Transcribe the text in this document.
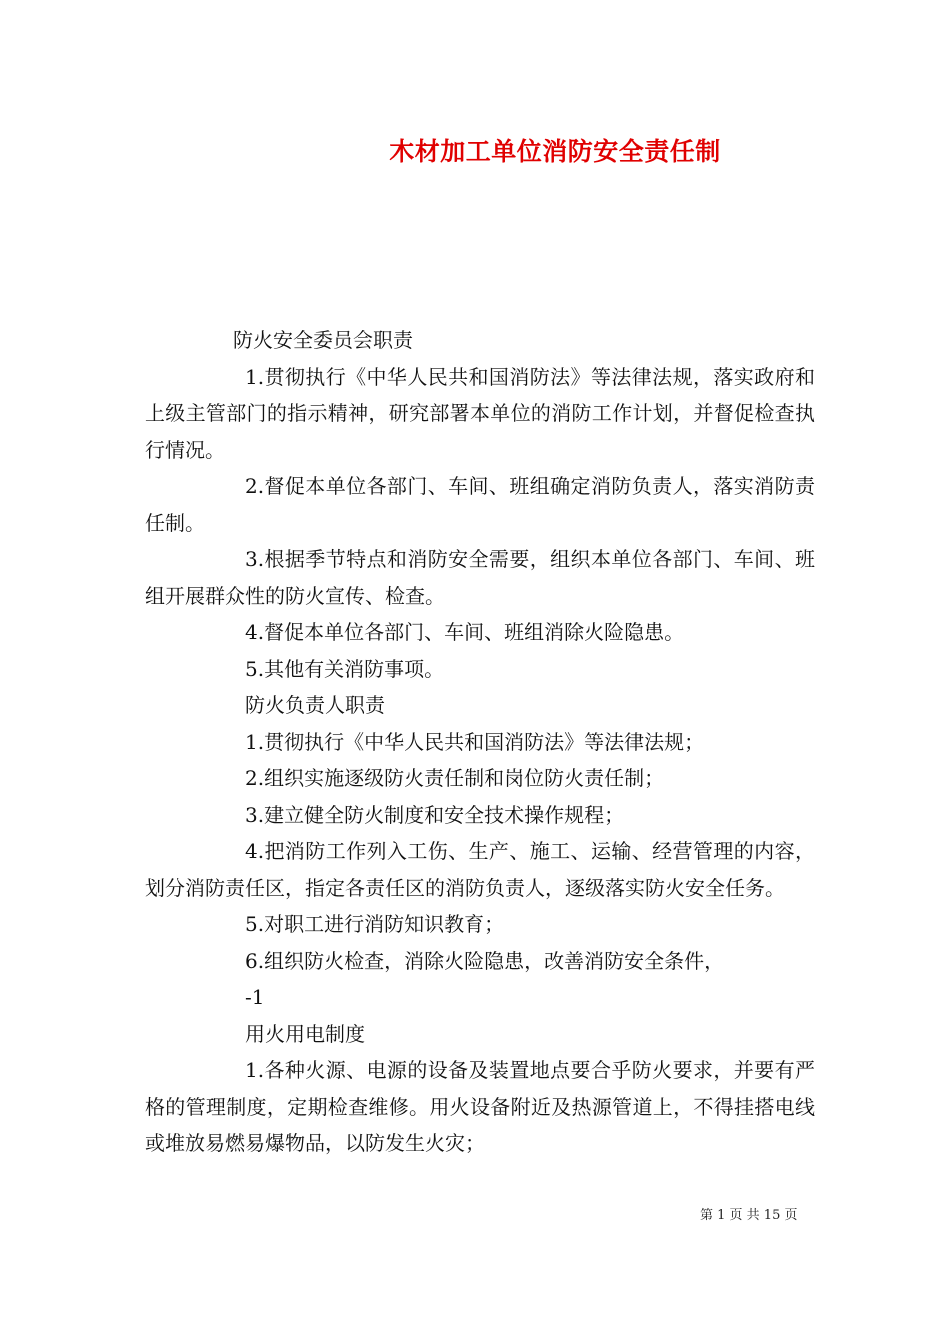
木材加工单位消防安全责任制

防火安全委员会职责

1.贯彻执行《中华人民共和国消防法》等法律法规，落实政府和上级主管部门的指示精神，研究部署本单位的消防工作计划，并督促检查执行情况。

2.督促本单位各部门、车间、班组确定消防负责人，落实消防责任制。

3.根据季节特点和消防安全需要，组织本单位各部门、车间、班组开展群众性的防火宣传、检查。

4.督促本单位各部门、车间、班组消除火险隐患。

5.其他有关消防事项。

防火负责人职责

1.贯彻执行《中华人民共和国消防法》等法律法规；

2.组织实施逐级防火责任制和岗位防火责任制；

3.建立健全防火制度和安全技术操作规程；

4.把消防工作列入工伤、生产、施工、运输、经营管理的内容，划分消防责任区，指定各责任区的消防负责人，逐级落实防火安全任务。

5.对职工进行消防知识教育；

6.组织防火检查，消除火险隐患，改善消防安全条件，

-1

用火用电制度

1.各种火源、电源的设备及装置地点要合乎防火要求，并要有严格的管理制度，定期检查维修。用火设备附近及热源管道上，不得挂搭电线或堆放易燃易爆物品，以防发生火灾；

第 1 页 共 15 页
